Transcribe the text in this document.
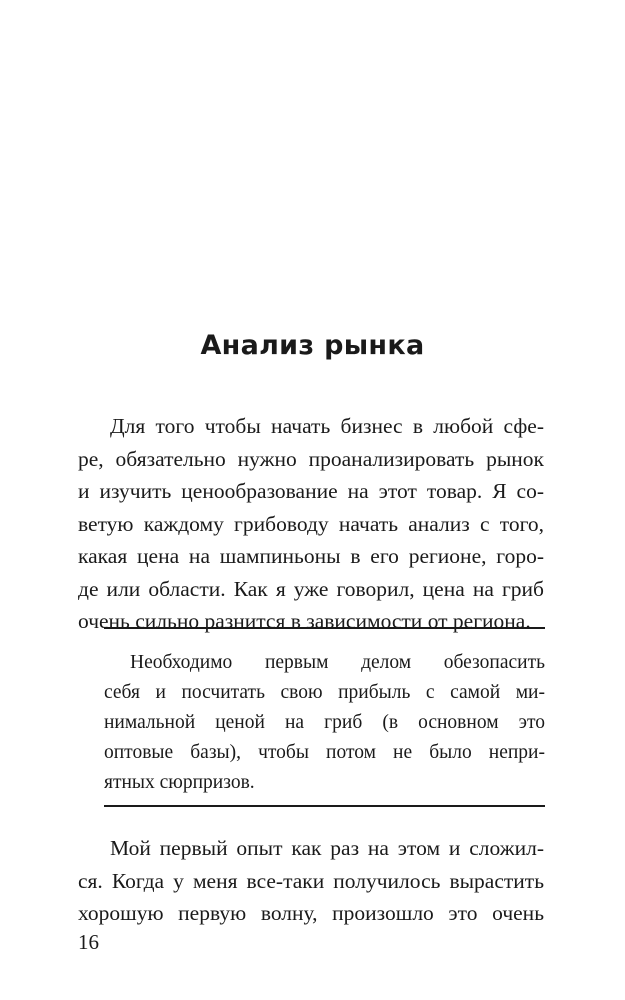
Анализ рынка
Для того чтобы начать бизнес в любой сфе-
ре, обязательно нужно проанализировать рынок
и изучить ценообразование на этот товар. Я со-
ветую каждому грибоводу начать анализ с того,
какая цена на шампиньоны в его регионе, горо-
де или области. Как я уже говорил, цена на гриб
очень сильно разнится в зависимости от региона.
Необходимо первым делом обезопасить
себя и посчитать свою прибыль с самой ми-
нимальной ценой на гриб (в основном это
оптовые базы), чтобы потом не было непри-
ятных сюрпризов.
Мой первый опыт как раз на этом и сложил-
ся. Когда у меня все-таки получилось вырастить
хорошую первую волну, произошло это очень
16
